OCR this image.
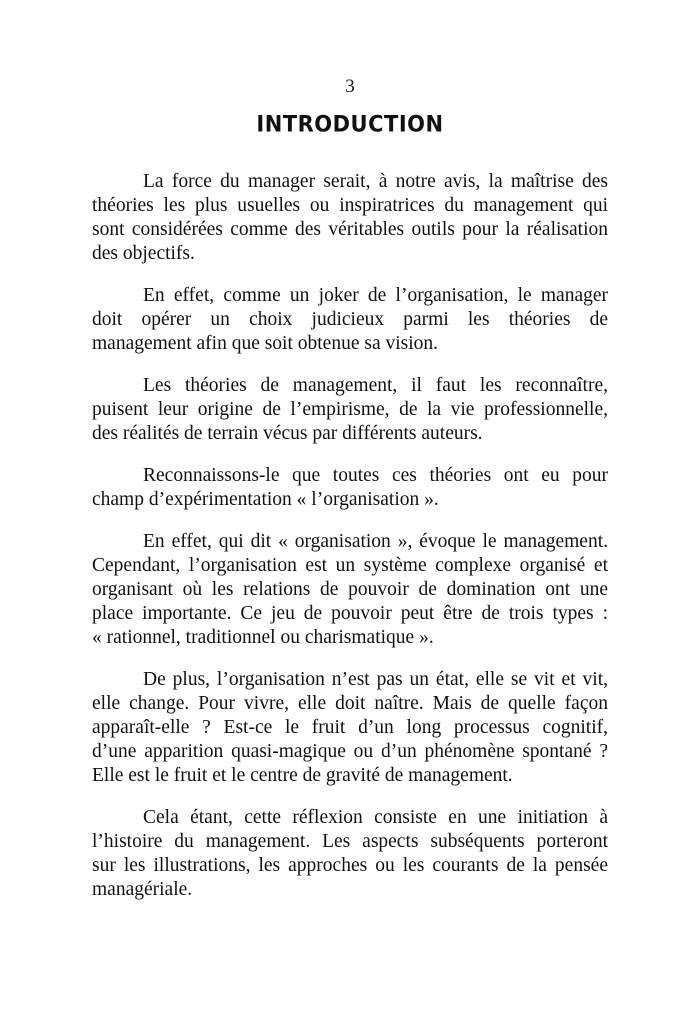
3
INTRODUCTION
La force du manager serait, à notre avis, la maîtrise des
théories les plus usuelles ou inspiratrices du management qui
sont considérées comme des véritables outils pour la réalisation
des objectifs.
En effet, comme un joker de l’organisation, le manager
doit opérer un choix judicieux parmi les théories de
management afin que soit obtenue sa vision.
Les théories de management, il faut les reconnaître,
puisent leur origine de l’empirisme, de la vie professionnelle,
des réalités de terrain vécus par différents auteurs.
Reconnaissons-le que toutes ces théories ont eu pour
champ d’expérimentation « l’organisation ».
En effet, qui dit « organisation », évoque le management.
Cependant, l’organisation est un système complexe organisé et
organisant où les relations de pouvoir de domination ont une
place importante. Ce jeu de pouvoir peut être de trois types :
« rationnel, traditionnel ou charismatique ».
De plus, l’organisation n’est pas un état, elle se vit et vit,
elle change. Pour vivre, elle doit naître. Mais de quelle façon
apparaît-elle ? Est-ce le fruit d’un long processus cognitif,
d’une apparition quasi-magique ou d’un phénomène spontané ?
Elle est le fruit et le centre de gravité de management.
Cela étant, cette réflexion consiste en une initiation à
l’histoire du management. Les aspects subséquents porteront
sur les illustrations, les approches ou les courants de la pensée
managériale.
